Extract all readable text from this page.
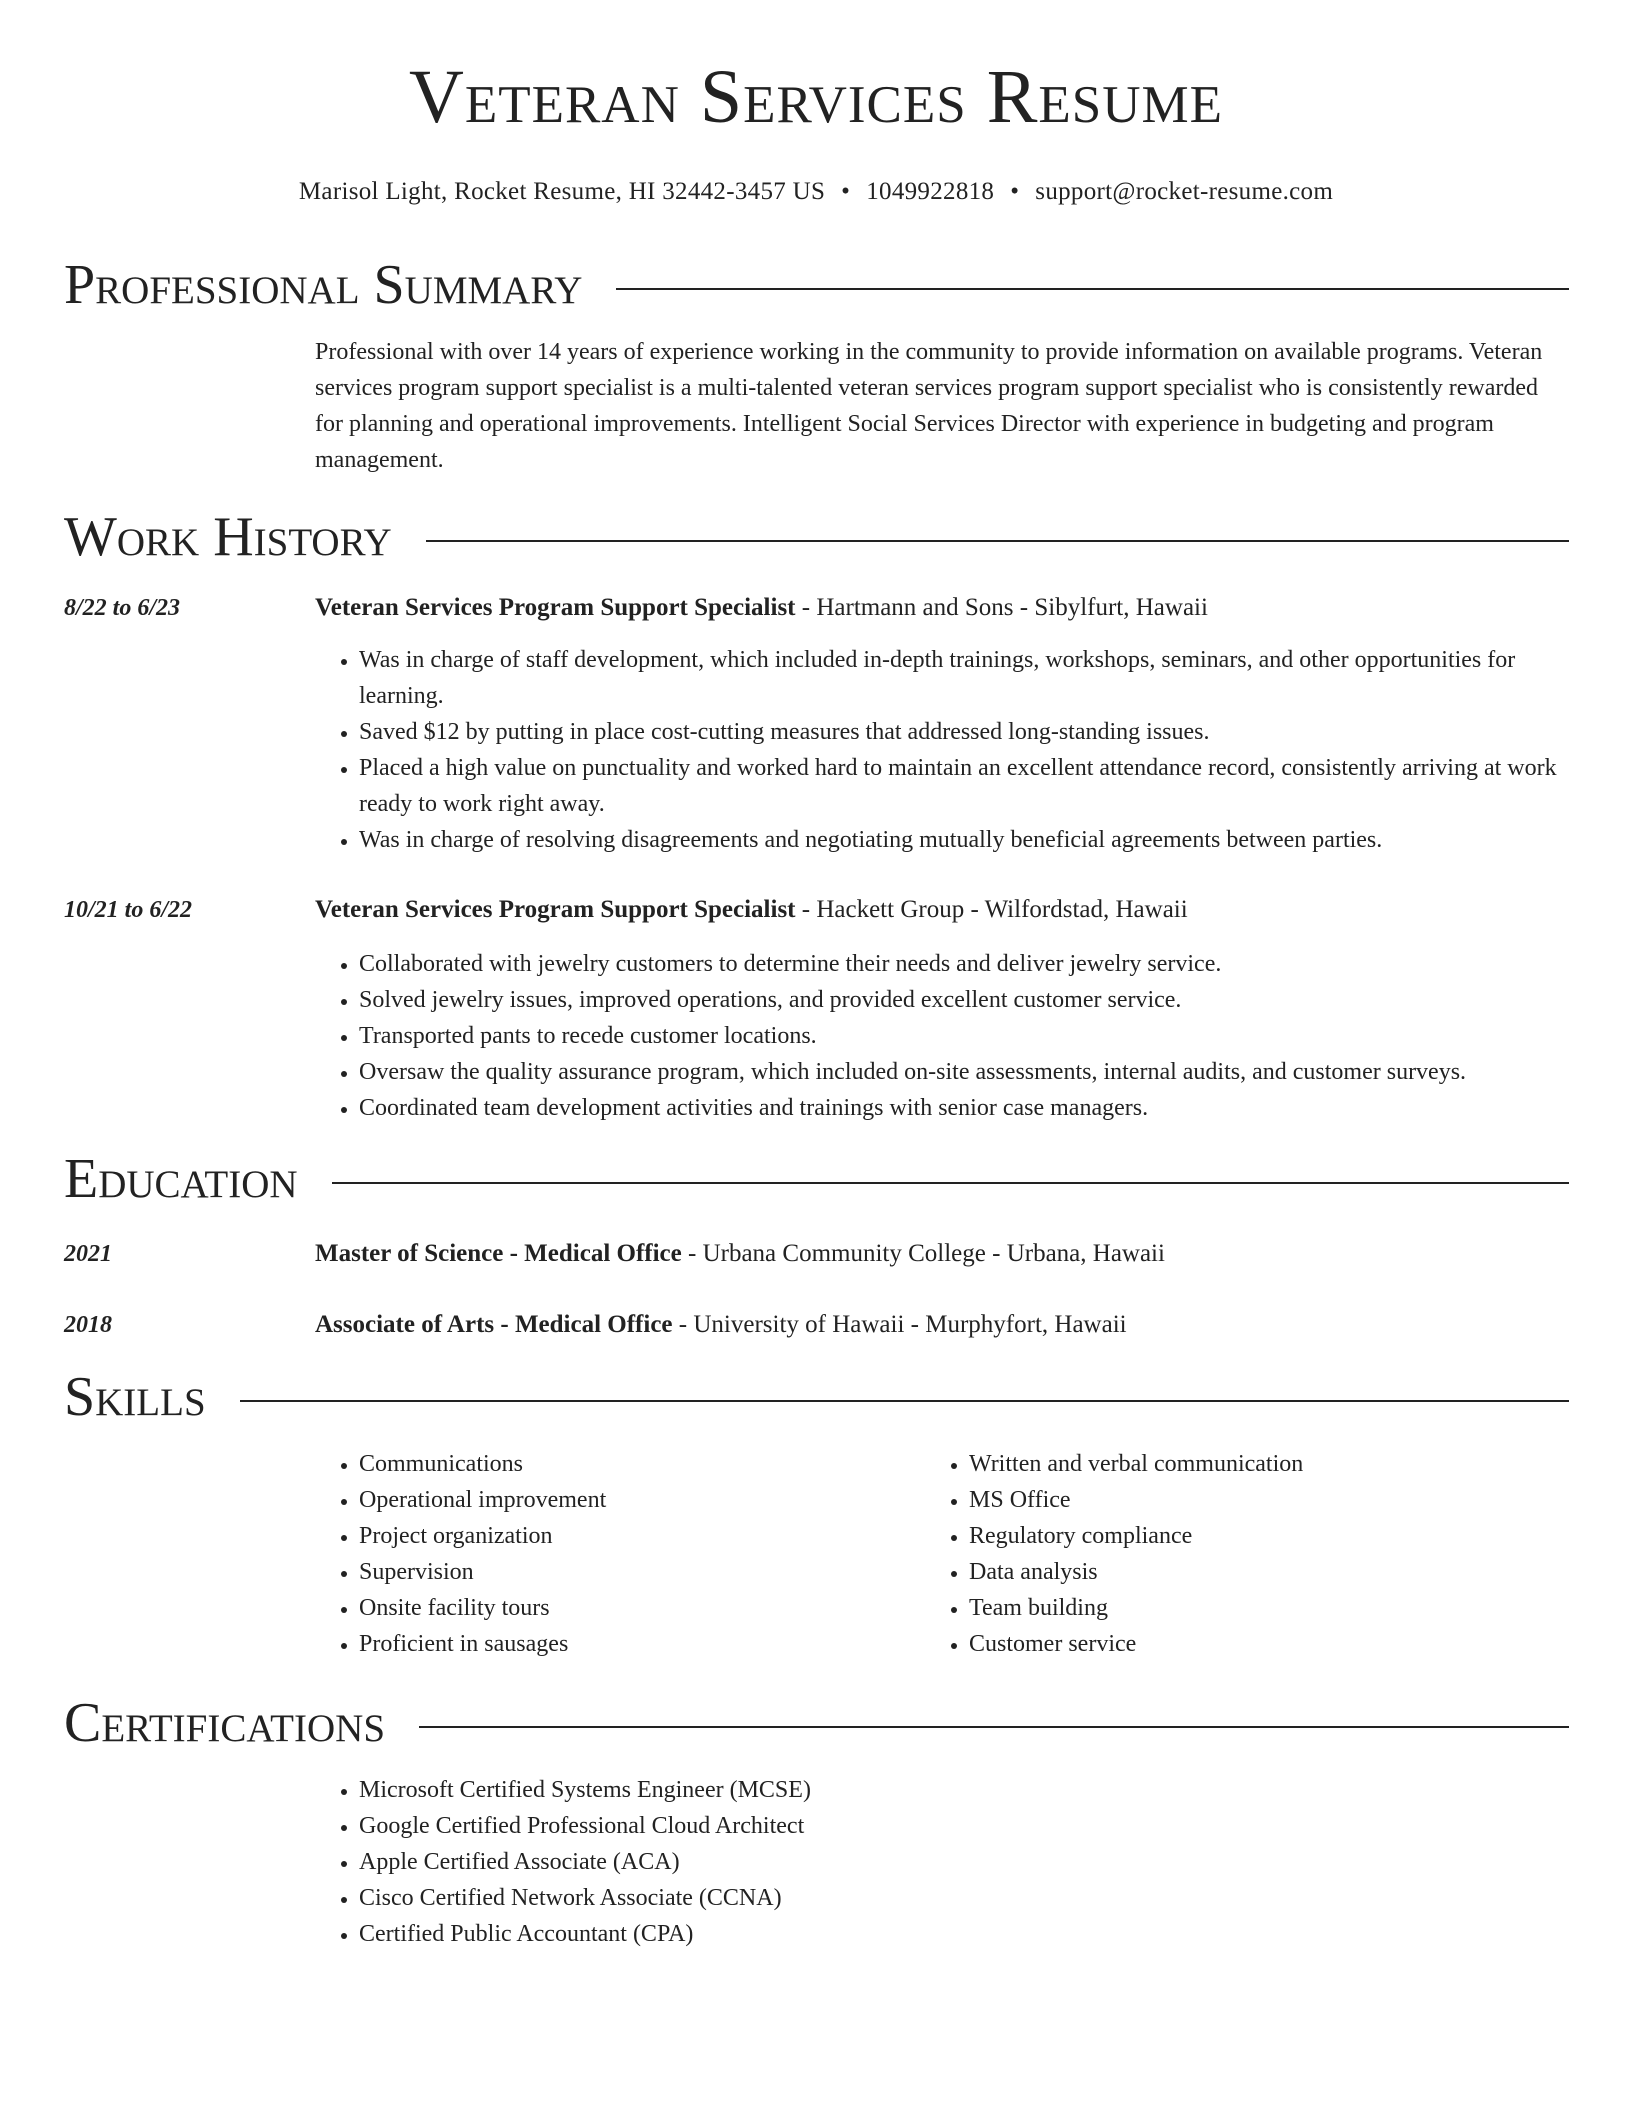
Veteran Services Resume
Marisol Light, Rocket Resume, HI 32442-3457 US • 1049922818 • support@rocket-resume.com
Professional Summary

Professional with over 14 years of experience working in the community to provide information on available programs. Veteran services program support specialist is a multi-talented veteran services program support specialist who is consistently rewarded for planning and operational improvements. Intelligent Social Services Director with experience in budgeting and program management.

Work History
8/22 to 6/23	Veteran Services Program Support Specialist - Hartmann and Sons - Sibylfurt, Hawaii
• Was in charge of staff development, which included in-depth trainings, workshops, seminars, and other opportunities for learning.
• Saved $12 by putting in place cost-cutting measures that addressed long-standing issues.
• Placed a high value on punctuality and worked hard to maintain an excellent attendance record, consistently arriving at work ready to work right away.
• Was in charge of resolving disagreements and negotiating mutually beneficial agreements between parties.
10/21 to 6/22	Veteran Services Program Support Specialist - Hackett Group - Wilfordstad, Hawaii
• Collaborated with jewelry customers to determine their needs and deliver jewelry service.
• Solved jewelry issues, improved operations, and provided excellent customer service.
• Transported pants to recede customer locations.
• Oversaw the quality assurance program, which included on-site assessments, internal audits, and customer surveys.
• Coordinated team development activities and trainings with senior case managers.
Education
2021	Master of Science - Medical Office - Urbana Community College - Urbana, Hawaii
2018	Associate of Arts - Medical Office - University of Hawaii - Murphyfort, Hawaii
Skills
• Communications
• Operational improvement
• Project organization
• Supervision
• Onsite facility tours
• Proficient in sausages
• Written and verbal communication
• MS Office
• Regulatory compliance
• Data analysis
• Team building
• Customer service
Certifications
• Microsoft Certified Systems Engineer (MCSE)
• Google Certified Professional Cloud Architect
• Apple Certified Associate (ACA)
• Cisco Certified Network Associate (CCNA)
• Certified Public Accountant (CPA)
